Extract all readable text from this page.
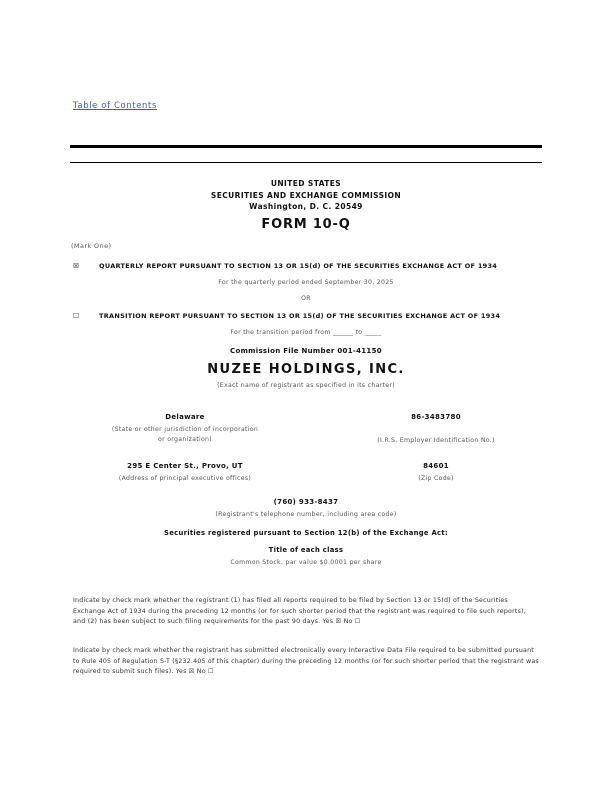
Table of Contents
UNITED STATES
SECURITIES AND EXCHANGE COMMISSION
Washington, D. C. 20549
FORM 10-Q
(Mark One)
☒	QUARTERLY REPORT PURSUANT TO SECTION 13 OR 15(d) OF THE SECURITIES EXCHANGE ACT OF 1934
For the quarterly period ended September 30, 2025
OR
☐	TRANSITION REPORT PURSUANT TO SECTION 13 OR 15(d) OF THE SECURITIES EXCHANGE ACT OF 1934
For the transition period from ______ to _____
Commission File Number 001-41150
NUZEE HOLDINGS, INC.
(Exact name of registrant as specified in its charter)
Delaware
(State or other jurisdiction of incorporation
or organization)
86-3483780
(I.R.S. Employer Identification No.)
295 E Center St., Provo, UT
(Address of principal executive offices)
84601
(Zip Code)
(760) 933-8437
(Registrant's telephone number, including area code)
Securities registered pursuant to Section 12(b) of the Exchange Act:
Title of each class
Common Stock, par value $0.0001 per share
Indicate by check mark whether the registrant (1) has filed all reports required to be filed by Section 13 or 15(d) of the Securities Exchange Act of 1934 during the preceding 12 months (or for such shorter period that the registrant was required to file such reports), and (2) has been subject to such filing requirements for the past 90 days. Yes ☒ No ☐
Indicate by check mark whether the registrant has submitted electronically every Interactive Data File required to be submitted pursuant to Rule 405 of Regulation S-T (§232.405 of this chapter) during the preceding 12 months (or for such shorter period that the registrant was required to submit such files). Yes ☒ No ☐
